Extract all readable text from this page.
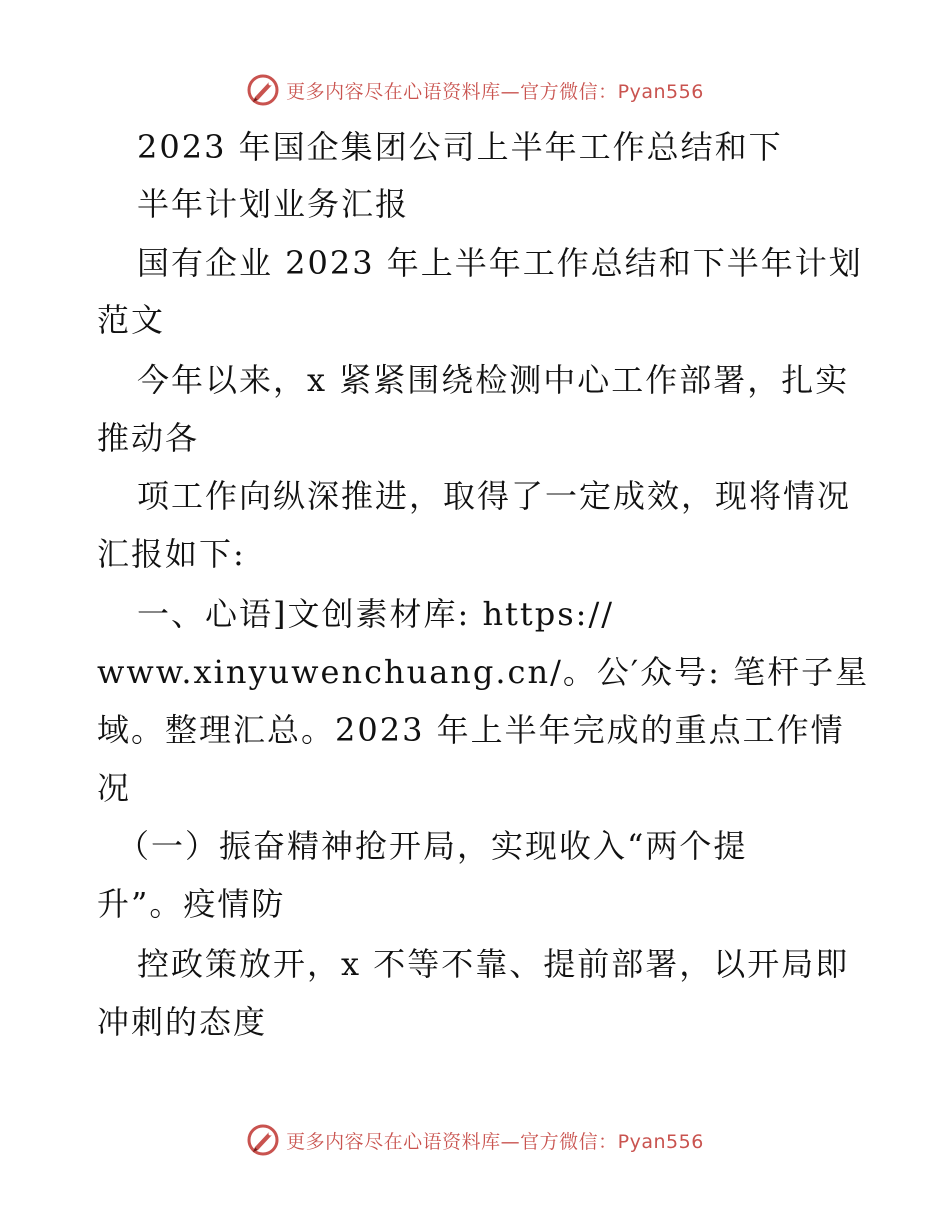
更多内容尽在心语资料库—官方微信：Pyan556
2023 年国企集团公司上半年工作总结和下
半年计划业务汇报
国有企业 2023 年上半年工作总结和下半年计划
范文
今年以来，x 紧紧围绕检测中心工作部署，扎实
推动各
项工作向纵深推进，取得了一定成效，现将情况
汇报如下:
一、心语]文创素材库: https://
www.xinyuwenchuang.cn/。公′众号: 笔杆子星
域。整理汇总。2023 年上半年完成的重点工作情
况
（一）振奋精神抢开局，实现收入“两个提
升”。疫情防
控政策放开，x 不等不靠、提前部署，以开局即
冲刺的态度
更多内容尽在心语资料库—官方微信：Pyan556
